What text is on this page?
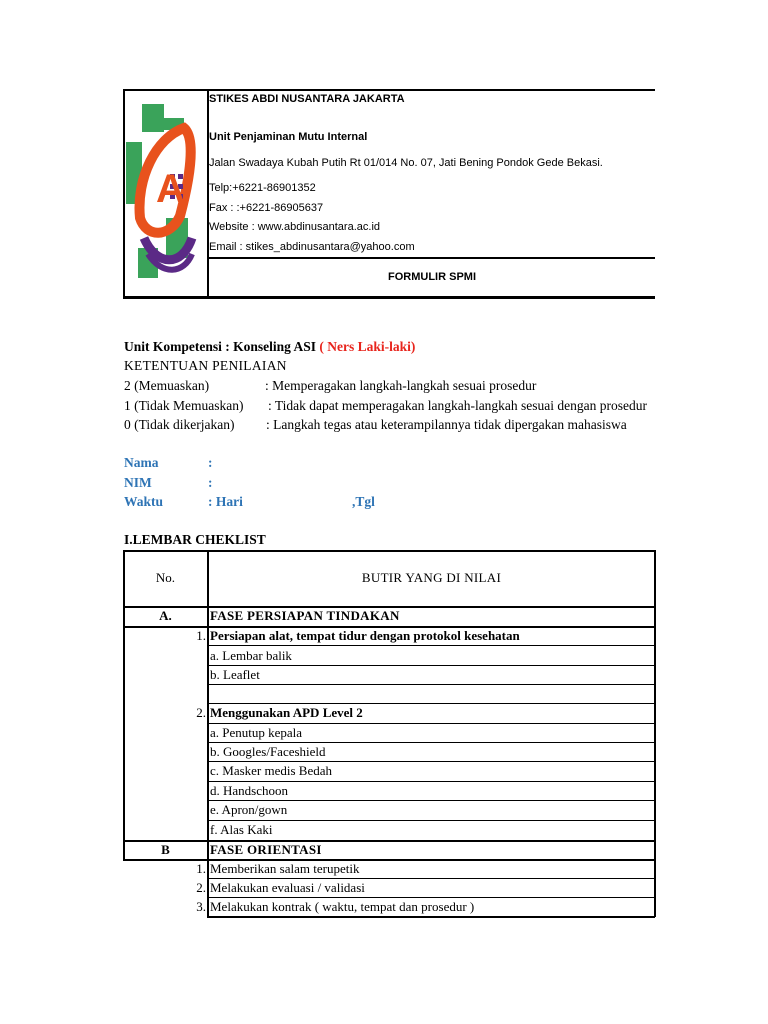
A
STIKES ABDI NUSANTARA JAKARTA
Unit Penjaminan Mutu Internal
Jalan Swadaya Kubah Putih Rt 01/014 No. 07, Jati Bening Pondok Gede Bekasi.
Telp:+6221-86901352
Fax : :+6221-86905637
Website : www.abdinusantara.ac.id
Email : stikes_abdinusantara@yahoo.com
FORMULIR SPMI
Unit Kompetensi : Konseling ASI ( Ners Laki-laki)
KETENTUAN PENILAIAN
2 (Memuaskan)	: Memperagakan langkah-langkah sesuai prosedur
1 (Tidak Memuaskan) : Tidak dapat memperagakan langkah-langkah sesuai dengan prosedur
0 (Tidak dikerjakan) : Langkah tegas atau keterampilannya tidak dipergakan mahasiswa
Nama	:
NIM	:
Waktu	: Hari	,Tgl
I.LEMBAR CHEKLIST
No.	BUTIR YANG DI NILAI
A.	FASE PERSIAPAN TINDAKAN
1. Persiapan alat, tempat tidur dengan protokol kesehatan
a. Lembar balik
b. Leaflet
2. Menggunakan APD Level 2
a. Penutup kepala
b. Googles/Faceshield
c. Masker medis Bedah
d. Handschoon
e. Apron/gown
f. Alas Kaki
B	FASE ORIENTASI
1. Memberikan salam terupetik
2. Melakukan evaluasi / validasi
3. Melakukan kontrak ( waktu, tempat dan prosedur )
